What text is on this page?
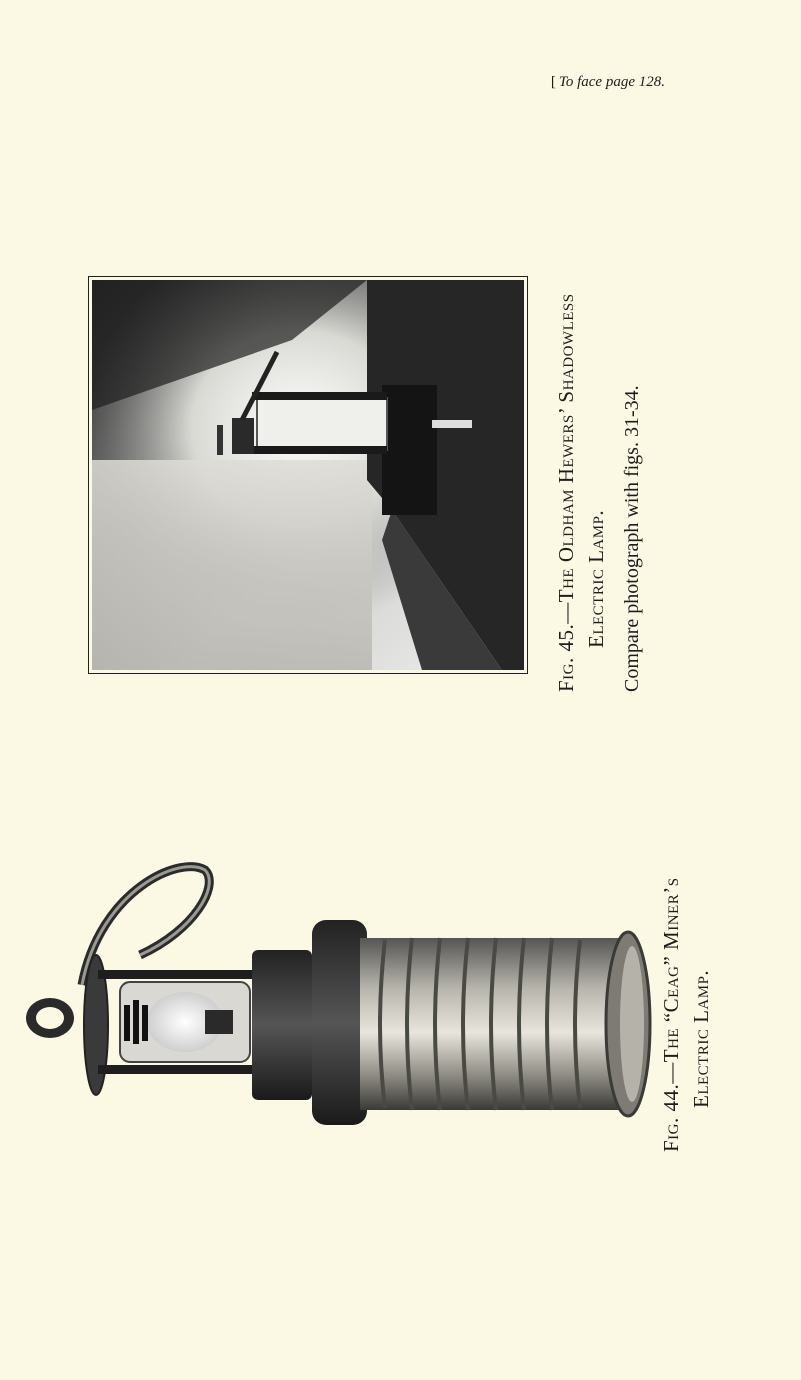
[ To face page 128.
Fig. 45.—The Oldham Hewers’ Shadowless Electric Lamp. Compare photograph with figs. 31-34.
Fig. 44.—The “Ceag” Miner’s Electric Lamp.
